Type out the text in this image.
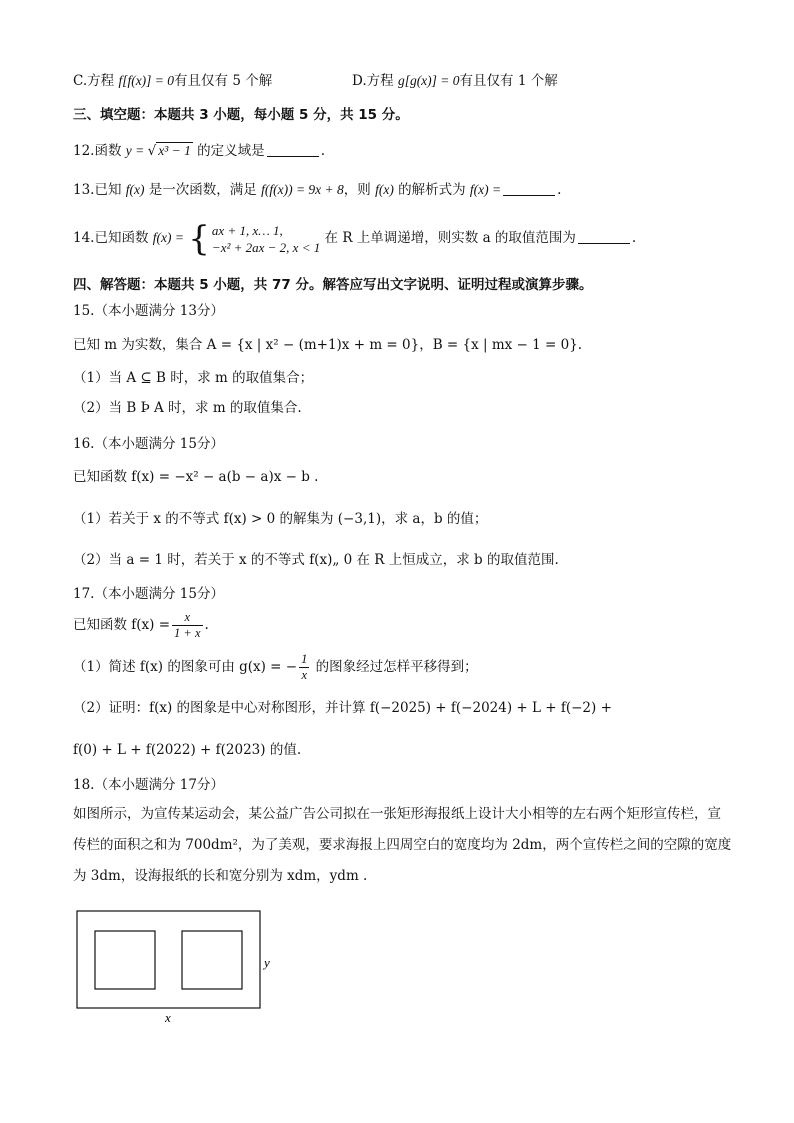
C.方程 f[f(x)] = 0有且仅有 5 个解	D.方程 g[g(x)] = 0有且仅有 1 个解
三、填空题：本题共 3 小题，每小题 5 分，共 15 分。
12.函数 y = √ x³ − 1 的定义域是	.
13.已知 f(x) 是一次函数，满足 f(f(x)) = 9x + 8，则 f(x) 的解析式为 f(x) =	.
14.已知函数 f(x) = { ax + 1, x… 1,
−x² + 2ax − 2, x < 1
在 R 上单调递增，则实数 a 的取值范围为	.
四、解答题：本题共 5 小题，共 77 分。解答应写出文字说明、证明过程或演算步骤。
15.（本小题满分 13分）
已知 m 为实数，集合 A = {x | x² − (m+1)x + m = 0}，B = {x | mx − 1 = 0}.
（1）当 A ⊆ B 时，求 m 的取值集合；
（2）当 B Þ A 时，求 m 的取值集合.
16.（本小题满分 15分）
已知函数 f(x) = −x² − a(b − a)x − b .
（1）若关于 x 的不等式 f(x) > 0 的解集为 (−3,1)，求 a，b 的值；
（2）当 a = 1 时，若关于 x 的不等式 f(x)„ 0 在 R 上恒成立，求 b 的取值范围.
17.（本小题满分 15分）
已知函数 $f(x) = \frac{x}{1 + x}$ .
（1）简述 f(x) 的图象可由 g(x) = − $\frac{1}{x}$ 的图象经过怎样平移得到；
（2）证明：f(x) 的图象是中心对称图形，并计算 f(−2025) + f(−2024) + L + f(−2) +
f(0) + L + f(2022) + f(2023) 的值.
18.（本小题满分 17分）
如图所示，为宣传某运动会，某公益广告公司拟在一张矩形海报纸上设计大小相等的左右两个矩形宣传栏，宣传栏的面积之和为 700dm²，为了美观，要求海报上四周空白的宽度均为 2dm，两个宣传栏之间的空隙的宽度为 3dm，设海报纸的长和宽分别为 xdm，ydm .
y
x
